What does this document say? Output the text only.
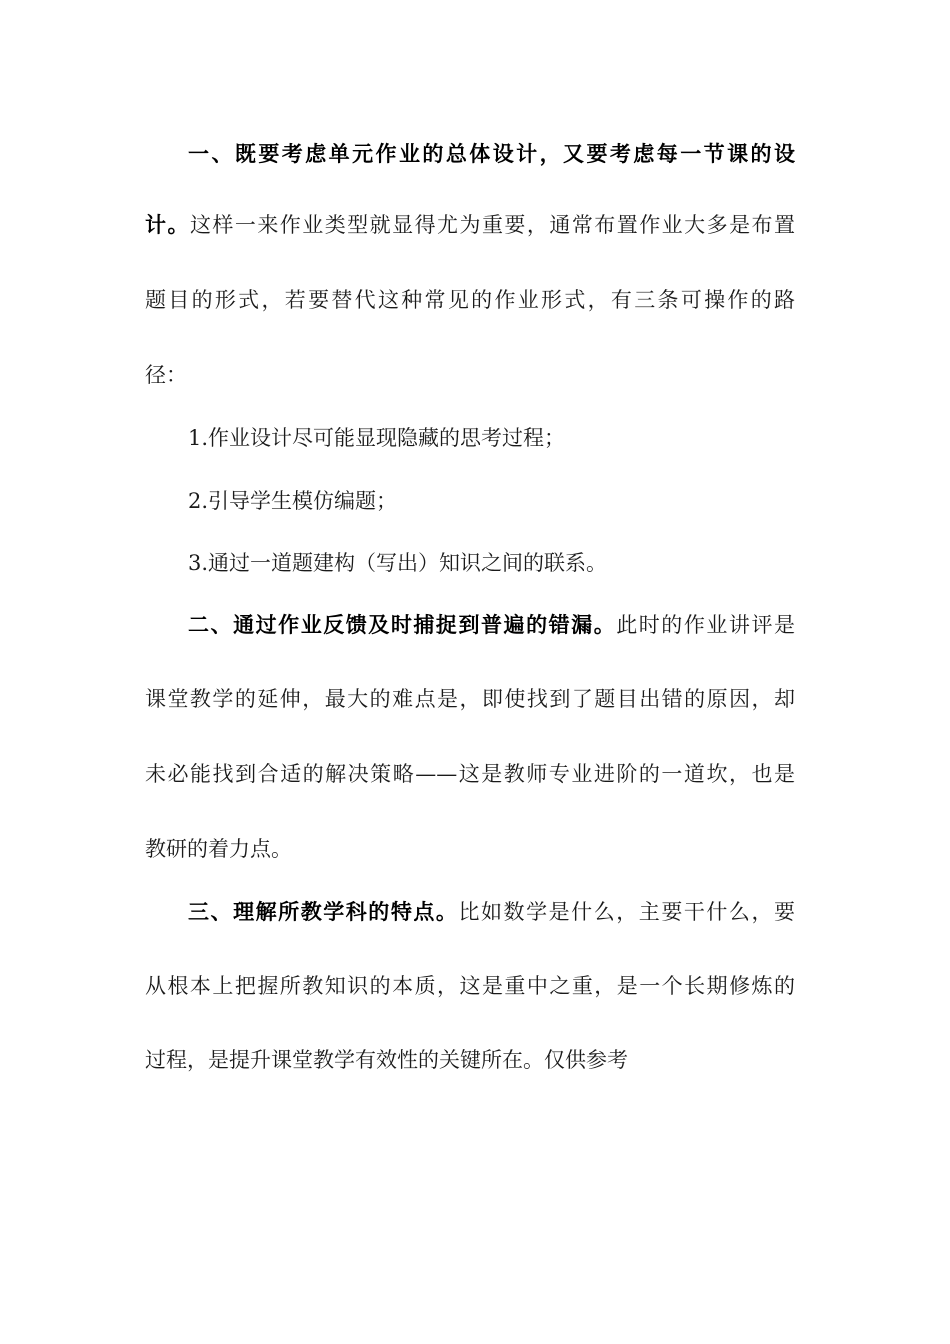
一、既要考虑单元作业的总体设计，又要考虑每一节课的设
计。这样一来作业类型就显得尤为重要，通常布置作业大多是布置
题目的形式，若要替代这种常见的作业形式，有三条可操作的路
径：
1.作业设计尽可能显现隐藏的思考过程；
2.引导学生模仿编题；
3.通过一道题建构（写出）知识之间的联系。
二、通过作业反馈及时捕捉到普遍的错漏。此时的作业讲评是
课堂教学的延伸，最大的难点是，即使找到了题目出错的原因，却
未必能找到合适的解决策略——这是教师专业进阶的一道坎，也是
教研的着力点。
三、理解所教学科的特点。比如数学是什么，主要干什么，要
从根本上把握所教知识的本质，这是重中之重，是一个长期修炼的
过程，是提升课堂教学有效性的关键所在。仅供参考
